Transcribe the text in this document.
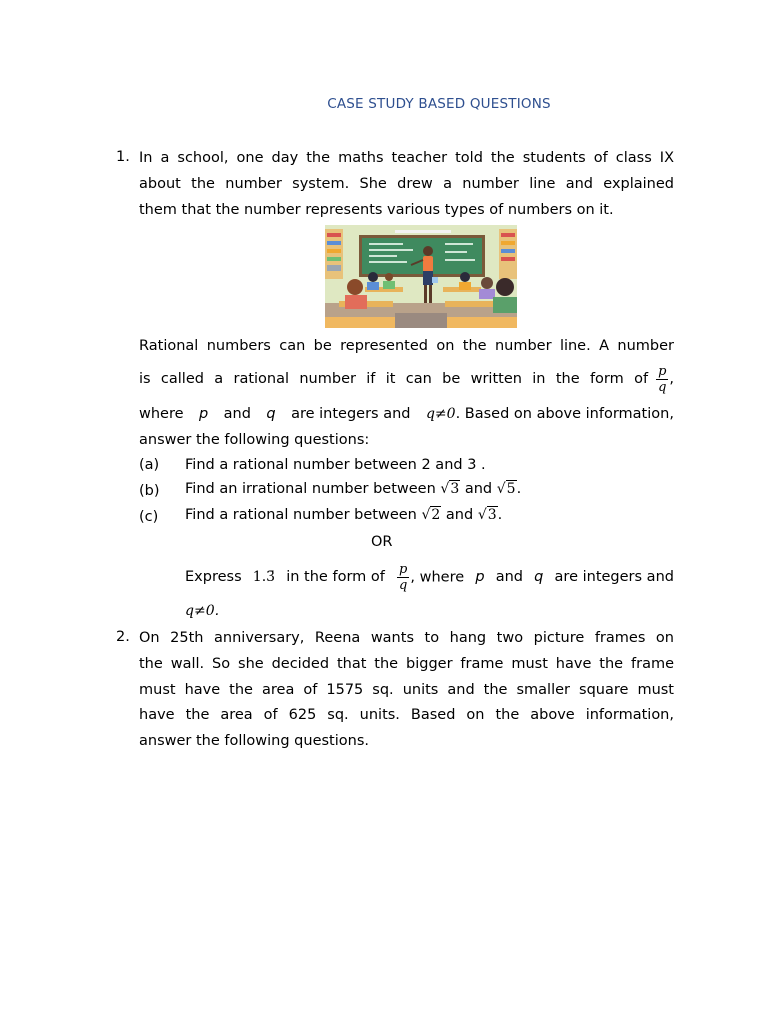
CASE STUDY BASED QUESTIONS
1. In a school, one day the maths teacher told the students of class IX
about the number system. She drew a number line and explained
them that the number represents various types of numbers on it.
Rational numbers can be represented on the number line. A number
is called a rational number if it can be written in the form of $\frac{p}{q}$ ,
where p and q are integers and q≠0. Based on above information,
answer the following questions:
(a) Find a rational number between 2 and 3 .
(b) Find an irrational number between √3 and √5.
(c) Find a rational number between √2 and √3.
OR
Express 1.3̄ in the form of $\frac{p}{q}$ , where p and q are integers and
q≠0.
2. On 25th anniversary, Reena wants to hang two picture frames on
the wall. So she decided that the bigger frame must have the frame
must have the area of 1575 sq. units and the smaller square must
have the area of 625 sq. units. Based on the above information,
answer the following questions.
